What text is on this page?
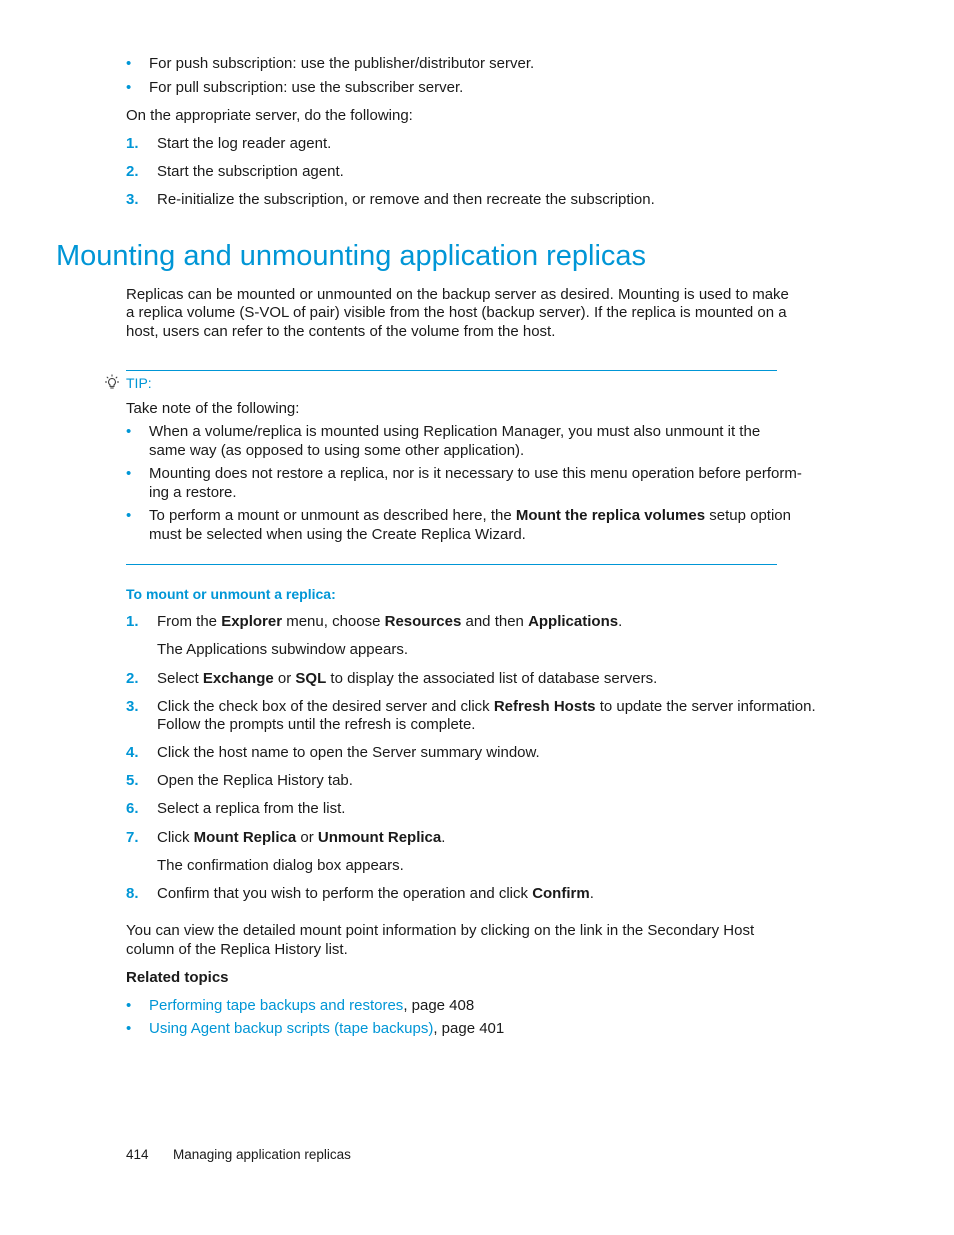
• For push subscription: use the publisher/distributor server.
• For pull subscription: use the subscriber server.
On the appropriate server, do the following:
1. Start the log reader agent.
2. Start the subscription agent.
3. Re-initialize the subscription, or remove and then recreate the subscription.
Mounting and unmounting application replicas
Replicas can be mounted or unmounted on the backup server as desired. Mounting is used to make
a replica volume (S-VOL of pair) visible from the host (backup server). If the replica is mounted on a
host, users can refer to the contents of the volume from the host.
TIP:
Take note of the following:
• When a volume/replica is mounted using Replication Manager, you must also unmount it the
same way (as opposed to using some other application).
• Mounting does not restore a replica, nor is it necessary to use this menu operation before perform-
ing a restore.
• To perform a mount or unmount as described here, the Mount the replica volumes setup option
must be selected when using the Create Replica Wizard.
To mount or unmount a replica:
1. From the Explorer menu, choose Resources and then Applications.
The Applications subwindow appears.
2. Select Exchange or SQL to display the associated list of database servers.
3. Click the check box of the desired server and click Refresh Hosts to update the server information.
Follow the prompts until the refresh is complete.
4. Click the host name to open the Server summary window.
5. Open the Replica History tab.
6. Select a replica from the list.
7. Click Mount Replica or Unmount Replica.
The confirmation dialog box appears.
8. Confirm that you wish to perform the operation and click Confirm.
You can view the detailed mount point information by clicking on the link in the Secondary Host
column of the Replica History list.
Related topics
• Performing tape backups and restores, page 408
• Using Agent backup scripts (tape backups), page 401
414 Managing application replicas
